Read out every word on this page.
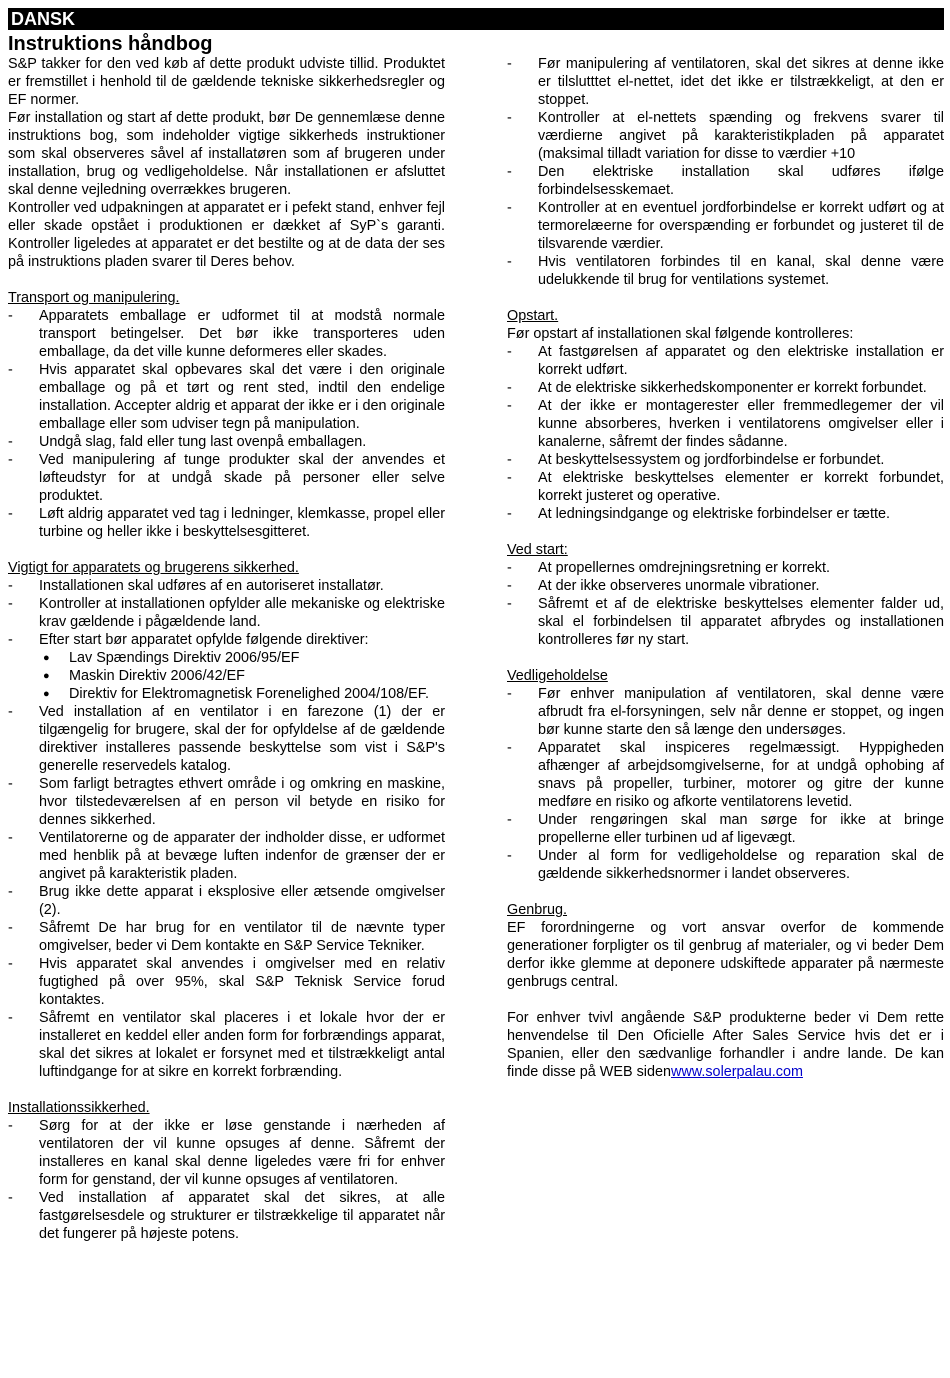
DANSK
Instruktions håndbog

S&P takker for den ved køb af dette produkt udviste tillid. Produktet er fremstillet i henhold til de gældende tekniske sikkerhedsregler og EF normer.

Før installation og start af dette produkt, bør De gennemlæse denne instruktions bog, som indeholder vigtige sikkerheds instruktioner som skal observeres såvel af installatøren som af brugeren under installation, brug og vedligeholdelse. Når installationen er afsluttet skal denne vejledning overrækkes brugeren.

Kontroller ved udpakningen at apparatet er i pefekt stand, enhver fejl eller skade opstået i produktionen er dækket af SyP`s garanti. Kontroller ligeledes at apparatet er det bestilte og at de data der ses på instruktions pladen svarer til Deres behov.

Transport og manipulering.
- Apparatets emballage er udformet til at modstå normale transport betingelser. Det bør ikke transporteres uden emballage, da det ville kunne deformeres eller skades.
- Hvis apparatet skal opbevares skal det være i den originale emballage og på et tørt og rent sted, indtil den endelige installation. Accepter aldrig et apparat der ikke er i den originale emballage eller som udviser tegn på manipulation.
- Undgå slag, fald eller tung last ovenpå emballagen.
- Ved manipulering af tunge produkter skal der anvendes et løfteudstyr for at undgå skade på personer eller selve produktet.
- Løft aldrig apparatet ved tag i ledninger, klemkasse, propel eller turbine og heller ikke i beskyttelsesgitteret.
Vigtigt for apparatets og brugerens sikkerhed.
- Installationen skal udføres af en autoriseret installatør.
- Kontroller at installationen opfylder alle mekaniske og elektriske krav gældende i pågældende land.
- Efter start bør apparatet opfylde følgende direktiver:
● Lav Spændings Direktiv 2006/95/EF
● Maskin Direktiv 2006/42/EF
● Direktiv for Elektromagnetisk Forenelighed 2004/108/EF.
- Ved installation af en ventilator i en farezone (1) der er tilgængelig for brugere, skal der for opfyldelse af de gældende direktiver installeres passende beskyttelse som vist i S&P's generelle reservedels katalog.
- Som farligt betragtes ethvert område i og omkring en maskine, hvor tilstedeværelsen af en person vil betyde en risiko for dennes sikkerhed.
- Ventilatorerne og de apparater der indholder disse, er udformet med henblik på at bevæge luften indenfor de grænser der er angivet på karakteristik pladen.
- Brug ikke dette apparat i eksplosive eller ætsende omgivelser (2).
- Såfremt De har brug for en ventilator til de nævnte typer omgivelser, beder vi Dem kontakte en S&P Service Tekniker.
- Hvis apparatet skal anvendes i omgivelser med en relativ fugtighed på over 95%, skal S&P Teknisk Service forud kontaktes.
- Såfremt en ventilator skal placeres i et lokale hvor der er installeret en keddel eller anden form for forbrændings apparat, skal det sikres at lokalet er forsynet med et tilstrækkeligt antal luftindgange for at sikre en korrekt forbrænding.
Installationssikkerhed.
- Sørg for at der ikke er løse genstande i nærheden af ventilatoren der vil kunne opsuges af denne. Såfremt der installeres en kanal skal denne ligeledes være fri for enhver form for genstand, der vil kunne opsuges af ventilatoren.
- Ved installation af apparatet skal det sikres, at alle fastgørelsesdele og strukturer er tilstrækkelige til apparatet når det fungerer på højeste potens.
- Før manipulering af ventilatoren, skal det sikres at denne ikke er tilslutttet el-nettet, idet det ikke er tilstrækkeligt, at den er stoppet.
- Kontroller at el-nettets spænding og frekvens svarer til værdierne angivet på karakteristikpladen på apparatet (maksimal tilladt variation for disse to værdier +10
- Den elektriske installation skal udføres ifølge forbindelsesskemaet.
- Kontroller at en eventuel jordforbindelse er korrekt udført og at termorelæerne for overspænding er forbundet og justeret til de tilsvarende værdier.
- Hvis ventilatoren forbindes til en kanal, skal denne være udelukkende til brug for ventilations systemet.
Opstart.

Før opstart af installationen skal følgende kontrolleres:

- At fastgørelsen af apparatet og den elektriske installation er korrekt udført.
- At de elektriske sikkerhedskomponenter er korrekt forbundet.
- At der ikke er montagerester eller fremmedlegemer der vil kunne absorberes, hverken i ventilatorens omgivelser eller i kanalerne, såfremt der findes sådanne.
- At beskyttelsessystem og jordforbindelse er forbundet.
- At elektriske beskyttelses elementer er korrekt forbundet, korrekt justeret og operative.
- At ledningsindgange og elektriske forbindelser er tætte.
Ved start:
- At propellernes omdrejningsretning er korrekt.
- At der ikke observeres unormale vibrationer.
- Såfremt et af de elektriske beskyttelses elementer falder ud, skal el forbindelsen til apparatet afbrydes og installationen kontrolleres før ny start.
Vedligeholdelse
- Før enhver manipulation af ventilatoren, skal denne være afbrudt fra el-forsyningen, selv når denne er stoppet, og ingen bør kunne starte den så længe den undersøges.
- Apparatet skal inspiceres regelmæssigt. Hyppigheden afhænger af arbejdsomgivelserne, for at undgå ophobing af snavs på propeller, turbiner, motorer og gitre der kunne medføre en risiko og afkorte ventilatorens levetid.
- Under rengøringen skal man sørge for ikke at bringe propellerne eller turbinen ud af ligevægt.
- Under al form for vedligeholdelse og reparation skal de gældende sikkerhedsnormer i landet observeres.
Genbrug.

EF forordningerne og vort ansvar overfor de kommende generationer forpligter os til genbrug af materialer, og vi beder Dem derfor ikke glemme at deponere udskiftede apparater på nærmeste genbrugs central.

For enhver tvivl angående S&P produkterne beder vi Dem rette henvendelse til Den Oficielle After Sales Service hvis det er i Spanien, eller den sædvanlige forhandler i andre lande. De kan finde disse på WEB sidenwww.solerpalau.com
